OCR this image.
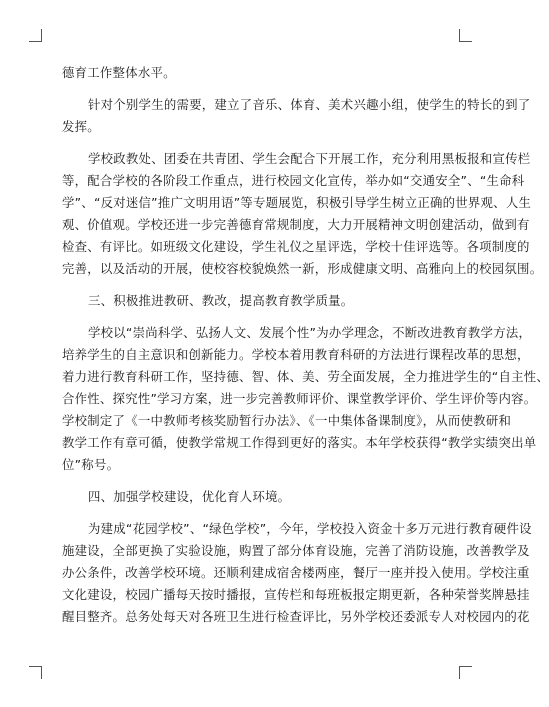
德育工作整体水平。
针对个别学生的需要，建立了音乐、体育、美术兴趣小组，使学生的特长的到了
发挥。
学校政教处、团委在共青团、学生会配合下开展工作，充分利用黑板报和宣传栏
等，配合学校的各阶段工作重点，进行校园文化宣传，举办如“交通安全”、“生命科
学”、“反对迷信”推广文明用语”等专题展览，积极引导学生树立正确的世界观、人生
观、价值观。学校还进一步完善德育常规制度，大力开展精神文明创建活动，做到有
检查、有评比。如班级文化建设，学生礼仪之星评选，学校十佳评选等。各项制度的
完善，以及活动的开展，使校容校貌焕然一新，形成健康文明、高雅向上的校园氛围。
三、积极推进教研、教改，提高教育教学质量。
学校以“崇尚科学、弘扬人文、发展个性”为办学理念，不断改进教育教学方法，
培养学生的自主意识和创新能力。学校本着用教育科研的方法进行课程改革的思想，
着力进行教育科研工作，坚持德、智、体、美、劳全面发展，全力推进学生的“自主性、
合作性、探究性”学习方案，进一步完善教师评价、课堂教学评价、学生评价等内容。
学校制定了《一中教师考核奖励暂行办法》、《一中集体备课制度》，从而使教研和
教学工作有章可循，使教学常规工作得到更好的落实。本年学校获得“教学实绩突出单
位”称号。
四、加强学校建设，优化育人环境。
为建成“花园学校”、“绿色学校”，今年，学校投入资金十多万元进行教育硬件设
施建设，全部更换了实验设施，购置了部分体育设施，完善了消防设施，改善教学及
办公条件，改善学校环境。还顺利建成宿舍楼两座，餐厅一座并投入使用。学校注重
文化建设，校园广播每天按时播报，宣传栏和每班板报定期更新，各种荣誉奖牌悬挂
醒目整齐。总务处每天对各班卫生进行检查评比，另外学校还委派专人对校园内的花
